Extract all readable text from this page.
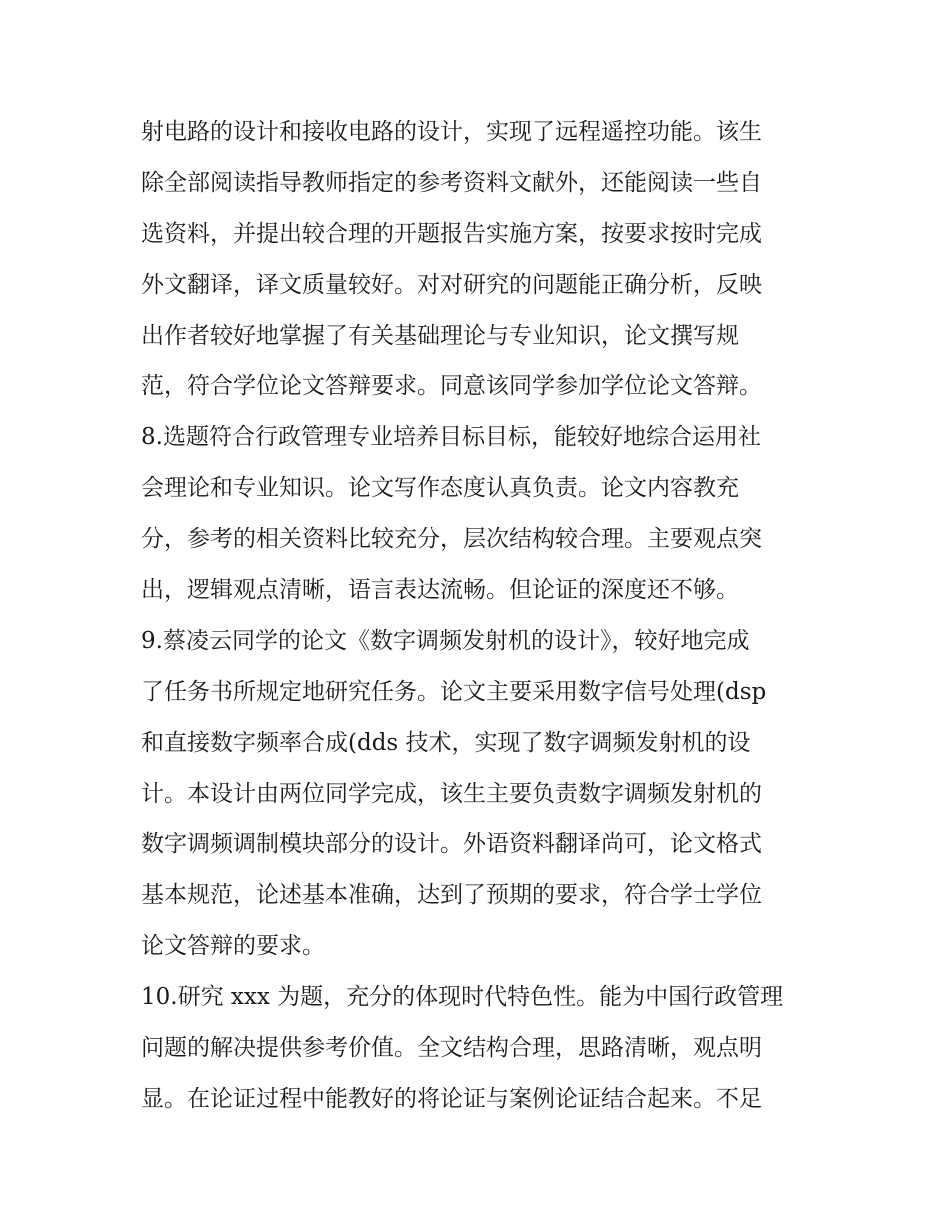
射电路的设计和接收电路的设计，实现了远程遥控功能。该生
除全部阅读指导教师指定的参考资料文献外，还能阅读一些自
选资料，并提出较合理的开题报告实施方案，按要求按时完成
外文翻译，译文质量较好。对对研究的问题能正确分析，反映
出作者较好地掌握了有关基础理论与专业知识，论文撰写规
范，符合学位论文答辩要求。同意该同学参加学位论文答辩。
8.选题符合行政管理专业培养目标目标，能较好地综合运用社
会理论和专业知识。论文写作态度认真负责。论文内容教充
分，参考的相关资料比较充分，层次结构较合理。主要观点突
出，逻辑观点清晰，语言表达流畅。但论证的深度还不够。
9.蔡凌云同学的论文《数字调频发射机的设计》，较好地完成
了任务书所规定地研究任务。论文主要采用数字信号处理(dsp
和直接数字频率合成(dds 技术，实现了数字调频发射机的设
计。本设计由两位同学完成，该生主要负责数字调频发射机的
数字调频调制模块部分的设计。外语资料翻译尚可，论文格式
基本规范，论述基本准确，达到了预期的要求，符合学士学位
论文答辩的要求。
10.研究 xxx 为题，充分的体现时代特色性。能为中国行政管理
问题的解决提供参考价值。全文结构合理，思路清晰，观点明
显。在论证过程中能教好的将论证与案例论证结合起来。不足
